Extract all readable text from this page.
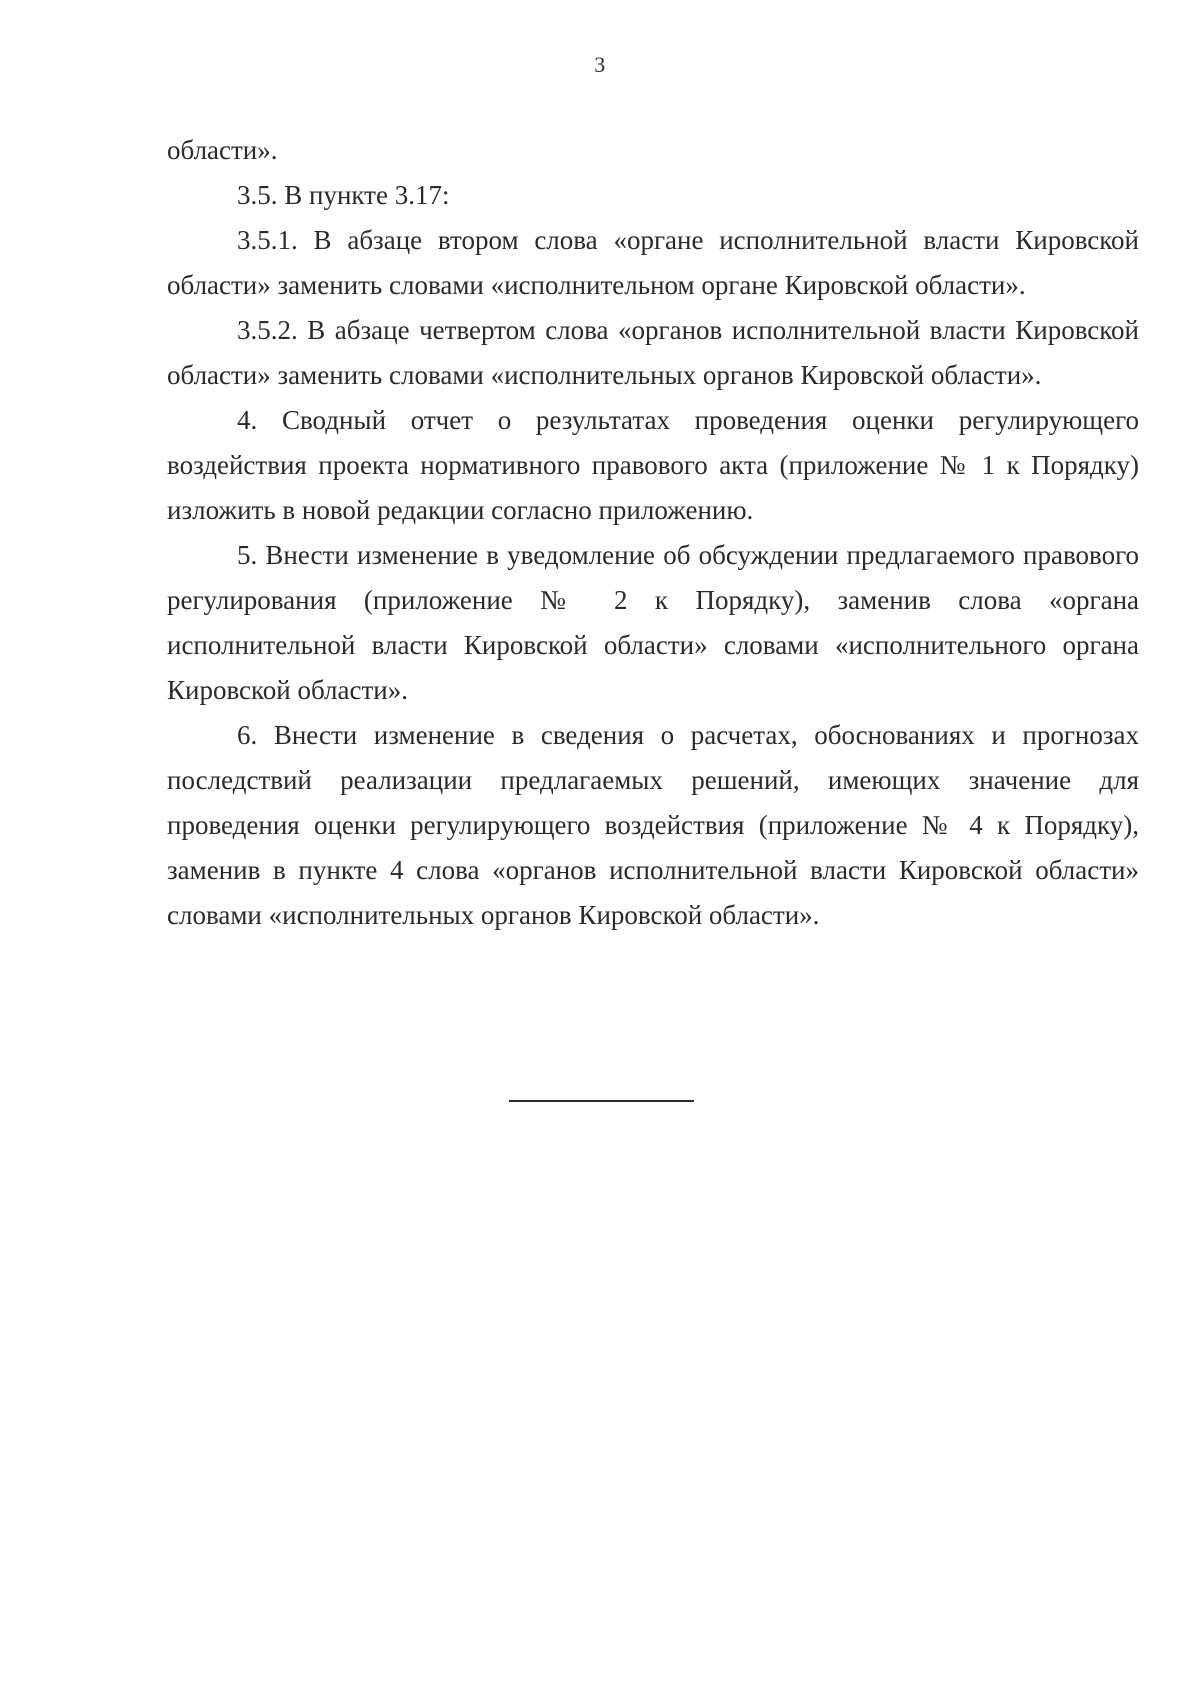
3

области».

3.5. В пункте 3.17:

3.5.1. В абзаце втором слова «органе исполнительной власти Кировской области» заменить словами «исполнительном органе Кировской области».

3.5.2. В абзаце четвертом слова «органов исполнительной власти Кировской области» заменить словами «исполнительных органов Кировской области».

4. Сводный отчет о результатах проведения оценки регулирующего воздействия проекта нормативного правового акта (приложение № 1 к Порядку) изложить в новой редакции согласно приложению.

5. Внести изменение в уведомление об обсуждении предлагаемого правового регулирования (приложение № 2 к Порядку), заменив слова «органа исполнительной власти Кировской области» словами «исполнительного органа Кировской области».

6. Внести изменение в сведения о расчетах, обоснованиях и прогнозах последствий реализации предлагаемых решений, имеющих значение для проведения оценки регулирующего воздействия (приложение № 4 к Порядку), заменив в пункте 4 слова «органов исполнительной власти Кировской области» словами «исполнительных органов Кировской области».
